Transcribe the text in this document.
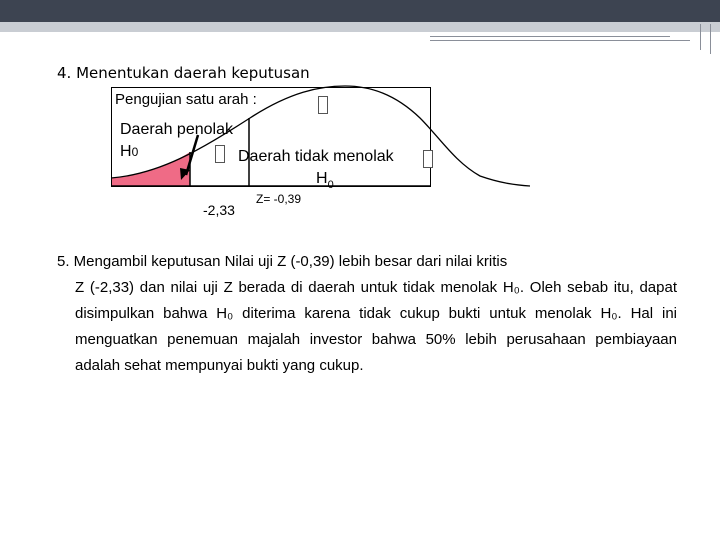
4. Menentukan daerah keputusan
Pengujian satu arah :
Daerah penolak
H0	Daerah tidak menolak
$H_0$
-2,33
Z= -0,39
5. Mengambil keputusan Nilai uji Z (-0,39) lebih besar dari nilai kritis
Z (-2,33) dan nilai uji Z berada di daerah untuk tidak menolak H₀. Oleh sebab itu, dapat disimpulkan bahwa H₀ diterima karena tidak cukup bukti untuk menolak H₀. Hal ini menguatkan penemuan majalah investor bahwa 50% lebih perusahaan pembiayaan adalah sehat mempunyai bukti yang cukup.
